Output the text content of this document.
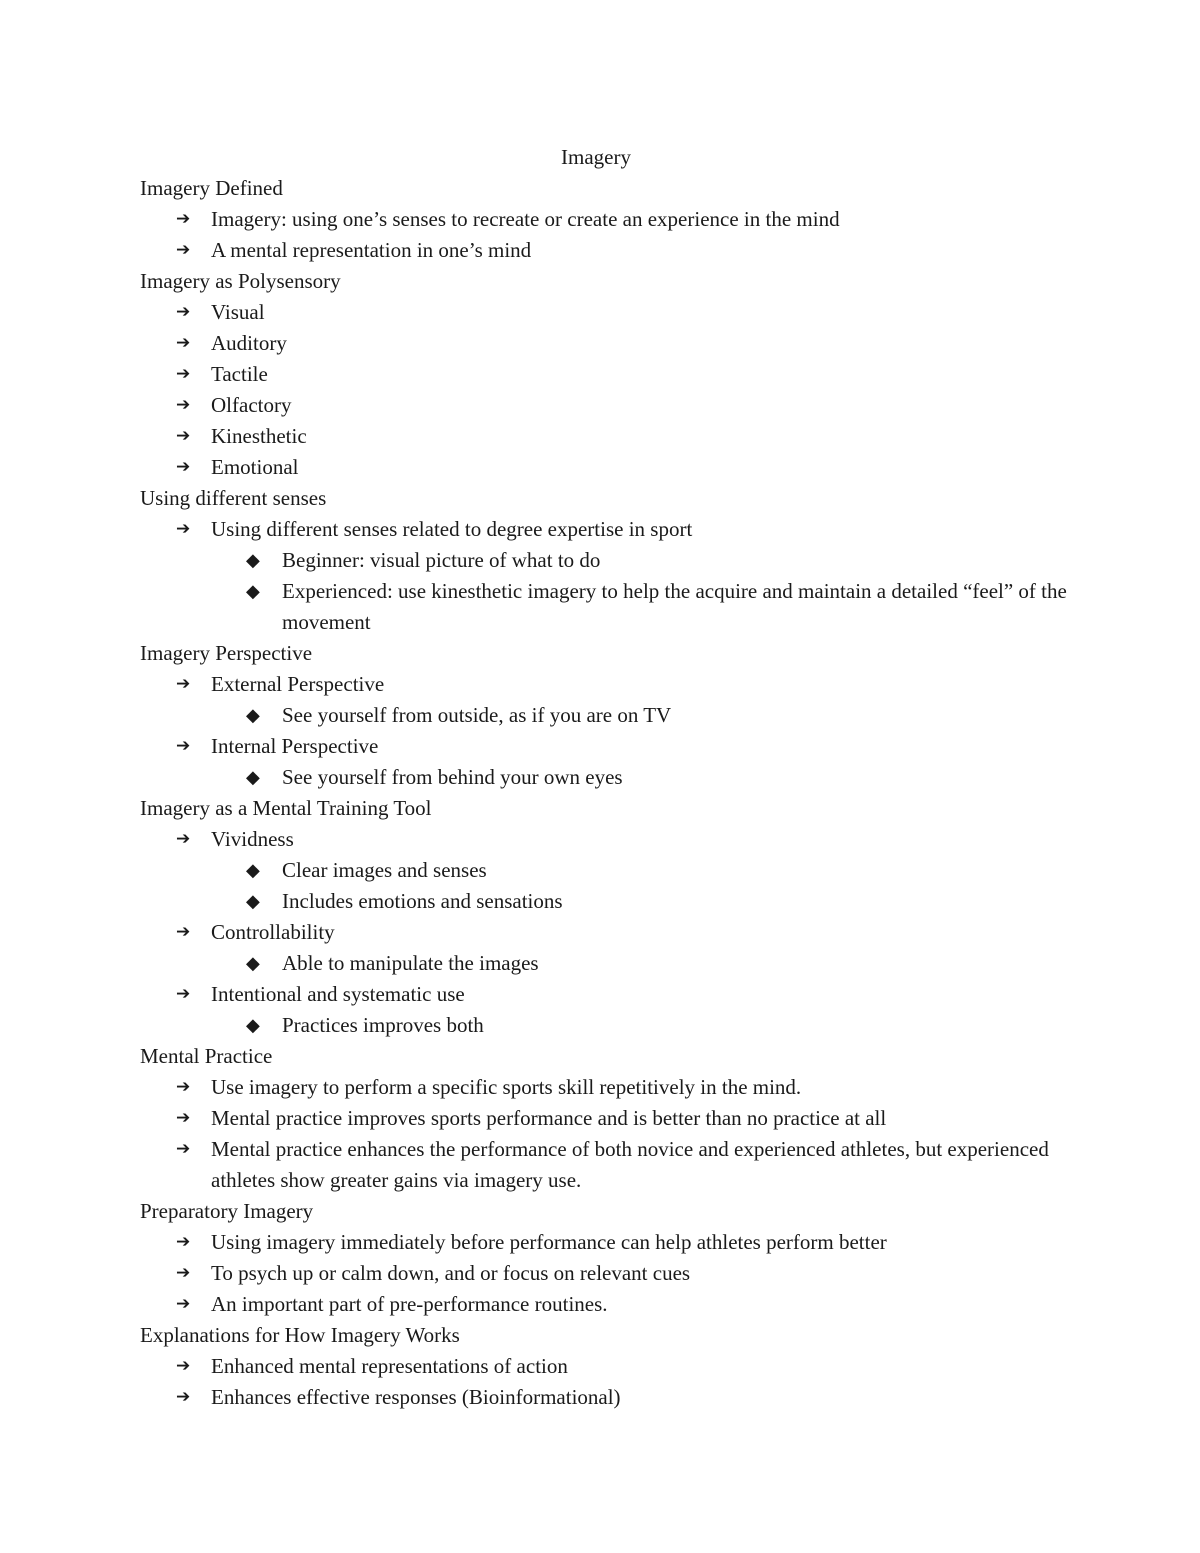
Imagery
Imagery Defined
➔ Imagery: using one’s senses to recreate or create an experience in the mind
➔ A mental representation in one’s mind
Imagery as Polysensory
➔ Visual
➔ Auditory
➔ Tactile
➔ Olfactory
➔ Kinesthetic
➔ Emotional
Using different senses
➔ Using different senses related to degree expertise in sport
◆ Beginner: visual picture of what to do
◆ Experienced: use kinesthetic imagery to help the acquire and maintain a detailed “feel” of the movement
Imagery Perspective
➔ External Perspective
◆ See yourself from outside, as if you are on TV
➔ Internal Perspective
◆ See yourself from behind your own eyes
Imagery as a Mental Training Tool
➔ Vividness
◆ Clear images and senses
◆ Includes emotions and sensations
➔ Controllability
◆ Able to manipulate the images
➔ Intentional and systematic use
◆ Practices improves both
Mental Practice
➔ Use imagery to perform a specific sports skill repetitively in the mind.
➔ Mental practice improves sports performance and is better than no practice at all
➔ Mental practice enhances the performance of both novice and experienced athletes, but experienced athletes show greater gains via imagery use.
Preparatory Imagery
➔ Using imagery immediately before performance can help athletes perform better
➔ To psych up or calm down, and or focus on relevant cues
➔ An important part of pre-performance routines.
Explanations for How Imagery Works
➔ Enhanced mental representations of action
➔ Enhances effective responses (Bioinformational)
